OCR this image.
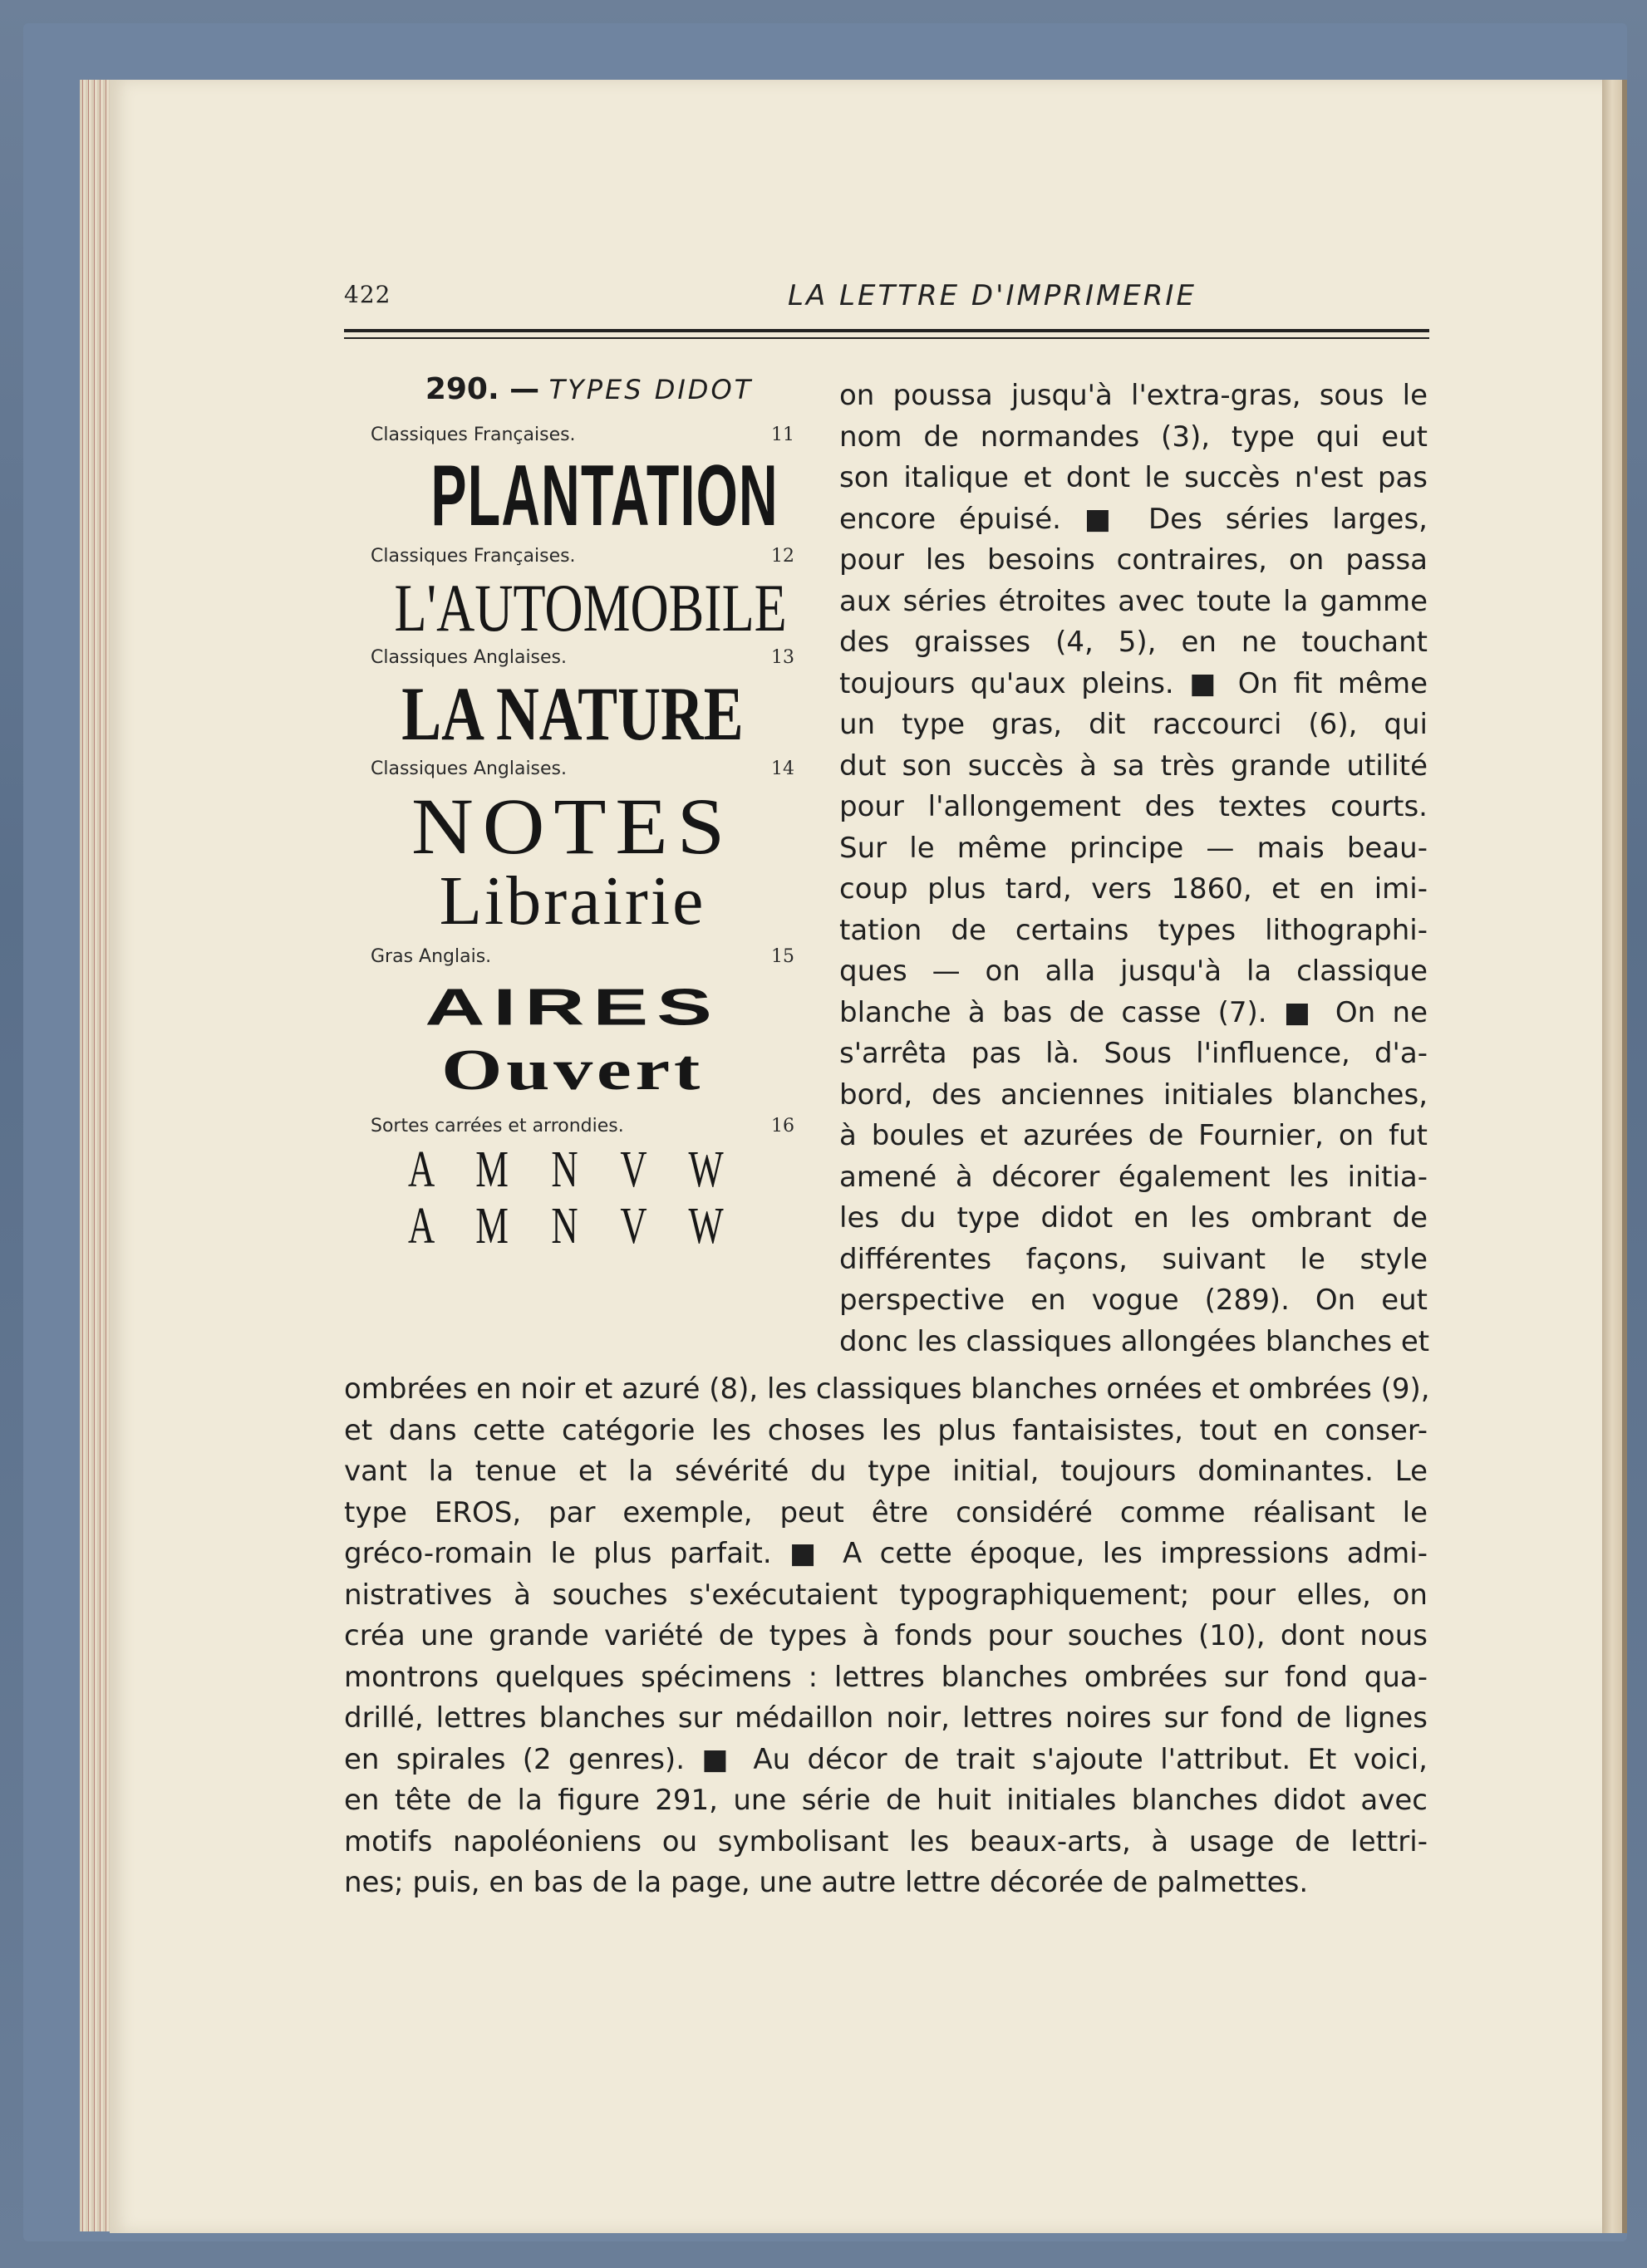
422	LA LETTRE D'IMPRIMERIE
290. — TYPES DIDOT
Classiques Françaises.	11
PLANTATION
Classiques Françaises.	12
L'AUTOMOBILE
Classiques Anglaises.	13
LA NATURE
Classiques Anglaises.	14
NOTES
Librairie
Gras Anglais.	15
AIRES
Ouvert
Sortes carrées et arrondies.	16
A M N V W
A M N V W
on poussa jusqu'à l'extra-gras, sous le
nom de normandes (3), type qui eut
son italique et dont le succès n'est pas
encore épuisé. ■ Des séries larges,
pour les besoins contraires, on passa
aux séries étroites avec toute la gamme
des graisses (4, 5), en ne touchant
toujours qu'aux pleins. ■ On fit même
un type gras, dit raccourci (6), qui
dut son succès à sa très grande utilité
pour l'allongement des textes courts.
Sur le même principe — mais beau-
coup plus tard, vers 1860, et en imi-
tation de certains types lithographi-
ques — on alla jusqu'à la classique
blanche à bas de casse (7). ■ On ne
s'arrêta pas là. Sous l'influence, d'a-
bord, des anciennes initiales blanches,
à boules et azurées de Fournier, on fut
amené à décorer également les initia-
les du type didot en les ombrant de
différentes façons, suivant le style
perspective en vogue (289). On eut
donc les classiques allongées blanches et
ombrées en noir et azuré (8), les classiques blanches ornées et ombrées (9),
et dans cette catégorie les choses les plus fantaisistes, tout en conser-
vant la tenue et la sévérité du type initial, toujours dominantes. Le
type EROS, par exemple, peut être considéré comme réalisant le
gréco-romain le plus parfait. ■ A cette époque, les impressions admi-
nistratives à souches s'exécutaient typographiquement; pour elles, on
créa une grande variété de types à fonds pour souches (10), dont nous
montrons quelques spécimens : lettres blanches ombrées sur fond qua-
drillé, lettres blanches sur médaillon noir, lettres noires sur fond de lignes
en spirales (2 genres). ■ Au décor de trait s'ajoute l'attribut. Et voici,
en tête de la figure 291, une série de huit initiales blanches didot avec
motifs napoléoniens ou symbolisant les beaux-arts, à usage de lettri-
nes; puis, en bas de la page, une autre lettre décorée de palmettes.
